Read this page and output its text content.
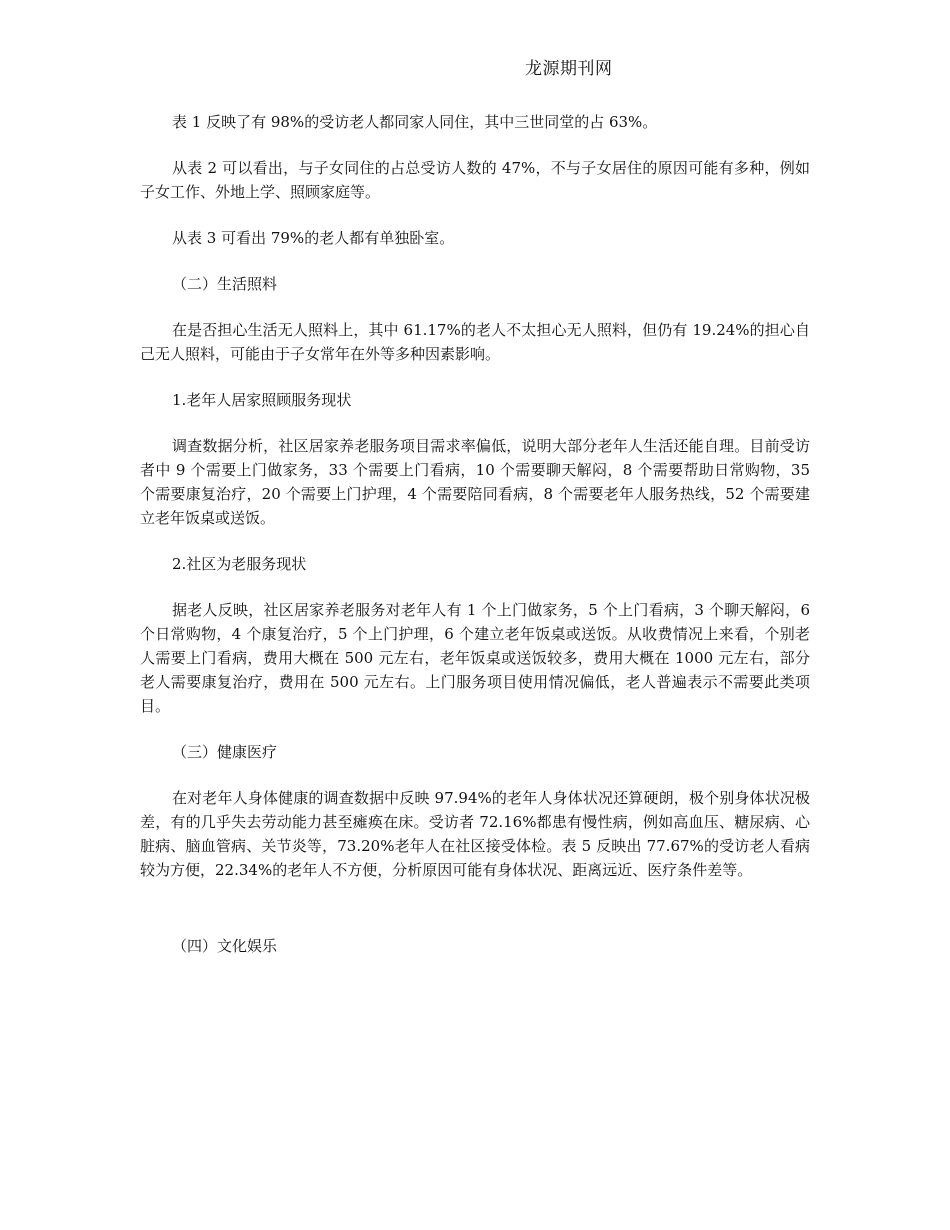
龙源期刊网

表 1 反映了有 98%的受访老人都同家人同住，其中三世同堂的占 63%。

从表 2 可以看出，与子女同住的占总受访人数的 47%，不与子女居住的原因可能有多种，例如子女工作、外地上学、照顾家庭等。

从表 3 可看出 79%的老人都有单独卧室。

（二）生活照料

在是否担心生活无人照料上，其中 61.17%的老人不太担心无人照料，但仍有 19.24%的担心自己无人照料，可能由于子女常年在外等多种因素影响。

1.老年人居家照顾服务现状

调查数据分析，社区居家养老服务项目需求率偏低，说明大部分老年人生活还能自理。目前受访者中 9 个需要上门做家务，33 个需要上门看病，10 个需要聊天解闷，8 个需要帮助日常购物，35 个需要康复治疗，20 个需要上门护理，4 个需要陪同看病，8 个需要老年人服务热线，52 个需要建立老年饭桌或送饭。

2.社区为老服务现状

据老人反映，社区居家养老服务对老年人有 1 个上门做家务，5 个上门看病，3 个聊天解闷，6 个日常购物，4 个康复治疗，5 个上门护理，6 个建立老年饭桌或送饭。从收费情况上来看，个别老人需要上门看病，费用大概在 500 元左右，老年饭桌或送饭较多，费用大概在 1000 元左右，部分老人需要康复治疗，费用在 500 元左右。上门服务项目使用情况偏低，老人普遍表示不需要此类项目。

（三）健康医疗

在对老年人身体健康的调查数据中反映 97.94%的老年人身体状况还算硬朗，极个别身体状况极差，有的几乎失去劳动能力甚至瘫痪在床。受访者 72.16%都患有慢性病，例如高血压、糖尿病、心脏病、脑血管病、关节炎等，73.20%老年人在社区接受体检。表 5 反映出 77.67%的受访老人看病较为方便，22.34%的老年人不方便，分析原因可能有身体状况、距离远近、医疗条件差等。

（四）文化娱乐
